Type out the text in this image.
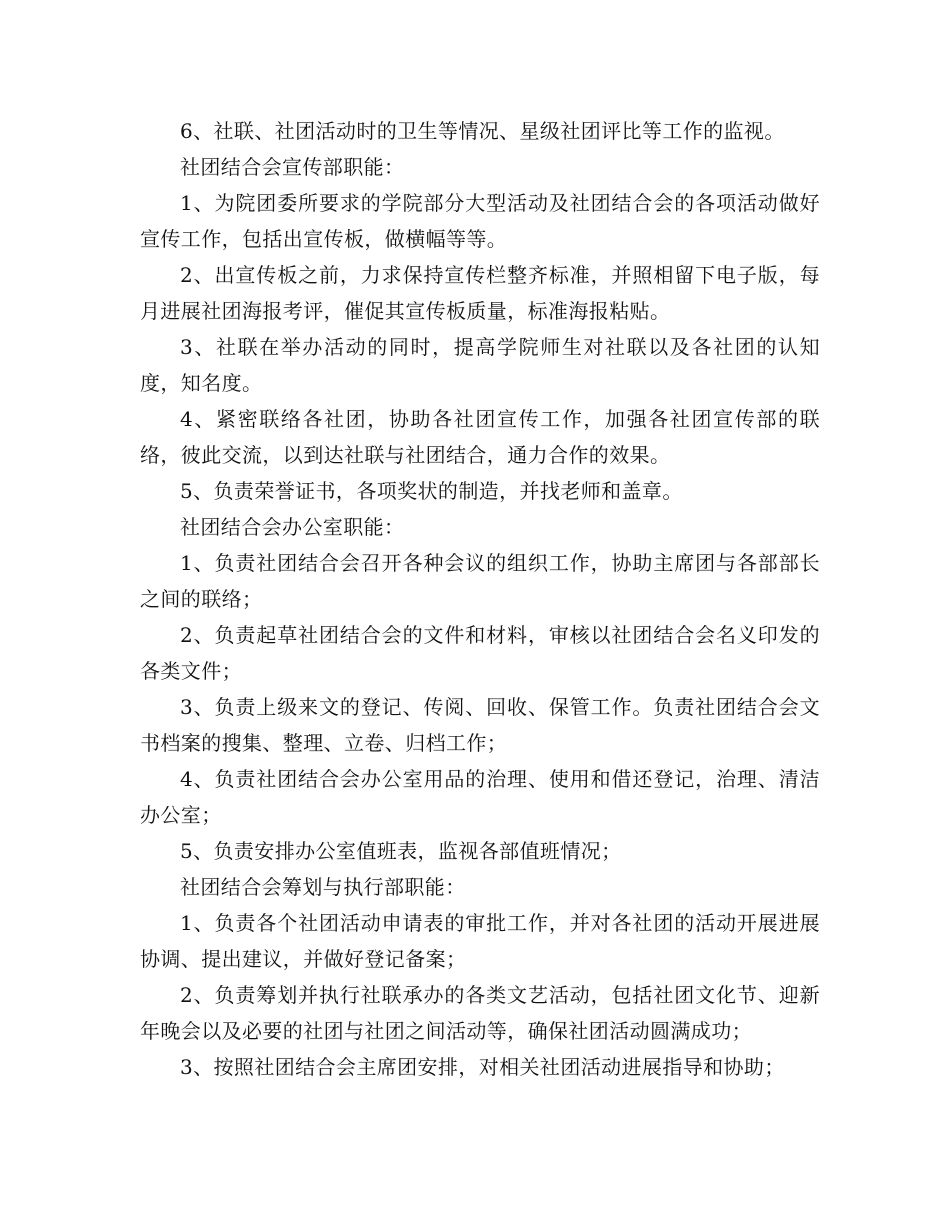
6、社联、社团活动时的卫生等情况、星级社团评比等工作的监视。

社团结合会宣传部职能：

1、为院团委所要求的学院部分大型活动及社团结合会的各项活动做好宣传工作，包括出宣传板，做横幅等等。

2、出宣传板之前，力求保持宣传栏整齐标准，并照相留下电子版，每月进展社团海报考评，催促其宣传板质量，标准海报粘贴。

3、社联在举办活动的同时，提高学院师生对社联以及各社团的认知度，知名度。

4、紧密联络各社团，协助各社团宣传工作，加强各社团宣传部的联络，彼此交流，以到达社联与社团结合，通力合作的效果。

5、负责荣誉证书，各项奖状的制造，并找老师和盖章。

社团结合会办公室职能：

1、负责社团结合会召开各种会议的组织工作，协助主席团与各部部长之间的联络；

2、负责起草社团结合会的文件和材料，审核以社团结合会名义印发的各类文件；

3、负责上级来文的登记、传阅、回收、保管工作。负责社团结合会文书档案的搜集、整理、立卷、归档工作；

4、负责社团结合会办公室用品的治理、使用和借还登记，治理、清洁办公室；

5、负责安排办公室值班表，监视各部值班情况；

社团结合会筹划与执行部职能：

1、负责各个社团活动申请表的审批工作，并对各社团的活动开展进展协调、提出建议，并做好登记备案；

2、负责筹划并执行社联承办的各类文艺活动，包括社团文化节、迎新年晚会以及必要的社团与社团之间活动等，确保社团活动圆满成功；

3、按照社团结合会主席团安排，对相关社团活动进展指导和协助；
